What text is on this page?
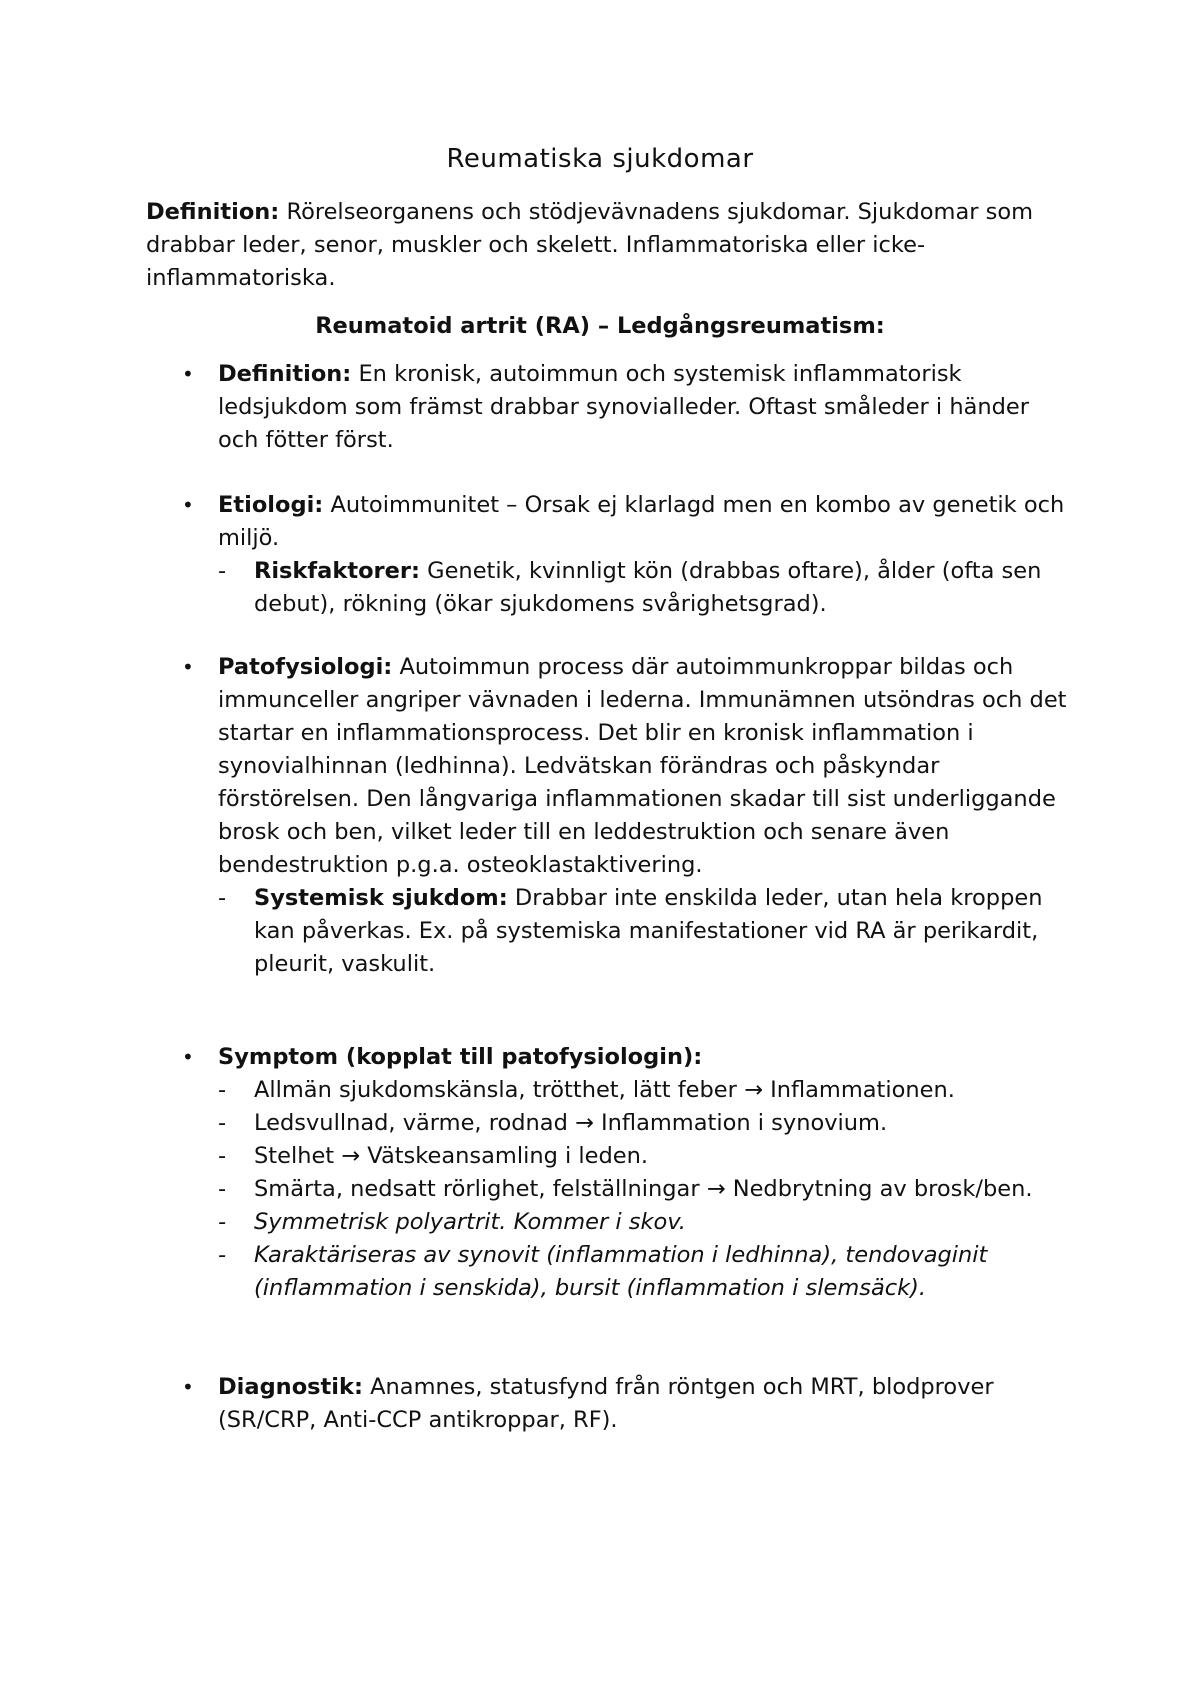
Reumatiska sjukdomar
Definition: Rörelseorganens och stödjevävnadens sjukdomar. Sjukdomar som drabbar leder, senor, muskler och skelett. Inflammatoriska eller icke-inflammatoriska.
Reumatoid artrit (RA) – Ledgångsreumatism:
• Definition: En kronisk, autoimmun och systemisk inflammatorisk ledsjukdom som främst drabbar synovialleder. Oftast småleder i händer och fötter först.
• Etiologi: Autoimmunitet – Orsak ej klarlagd men en kombo av genetik och miljö.
- Riskfaktorer: Genetik, kvinnligt kön (drabbas oftare), ålder (ofta sen debut), rökning (ökar sjukdomens svårighetsgrad).
• Patofysiologi: Autoimmun process där autoimmunkroppar bildas och immunceller angriper vävnaden i lederna. Immunämnen utsöndras och det startar en inflammationsprocess. Det blir en kronisk inflammation i synovialhinnan (ledhinna). Ledvätskan förändras och påskyndar förstörelsen. Den långvariga inflammationen skadar till sist underliggande brosk och ben, vilket leder till en leddestruktion och senare även bendestruktion p.g.a. osteoklastaktivering.
- Systemisk sjukdom: Drabbar inte enskilda leder, utan hela kroppen kan påverkas. Ex. på systemiska manifestationer vid RA är perikardit, pleurit, vaskulit.
• Symptom (kopplat till patofysiologin):
- Allmän sjukdomskänsla, trötthet, lätt feber → Inflammationen.
- Ledsvullnad, värme, rodnad → Inflammation i synovium.
- Stelhet → Vätskeansamling i leden.
- Smärta, nedsatt rörlighet, felställningar → Nedbrytning av brosk/ben.
- Symmetrisk polyartrit. Kommer i skov.
- Karaktäriseras av synovit (inflammation i ledhinna), tendovaginit (inflammation i senskida), bursit (inflammation i slemsäck).
• Diagnostik: Anamnes, statusfynd från röntgen och MRT, blodprover (SR/CRP, Anti-CCP antikroppar, RF).
